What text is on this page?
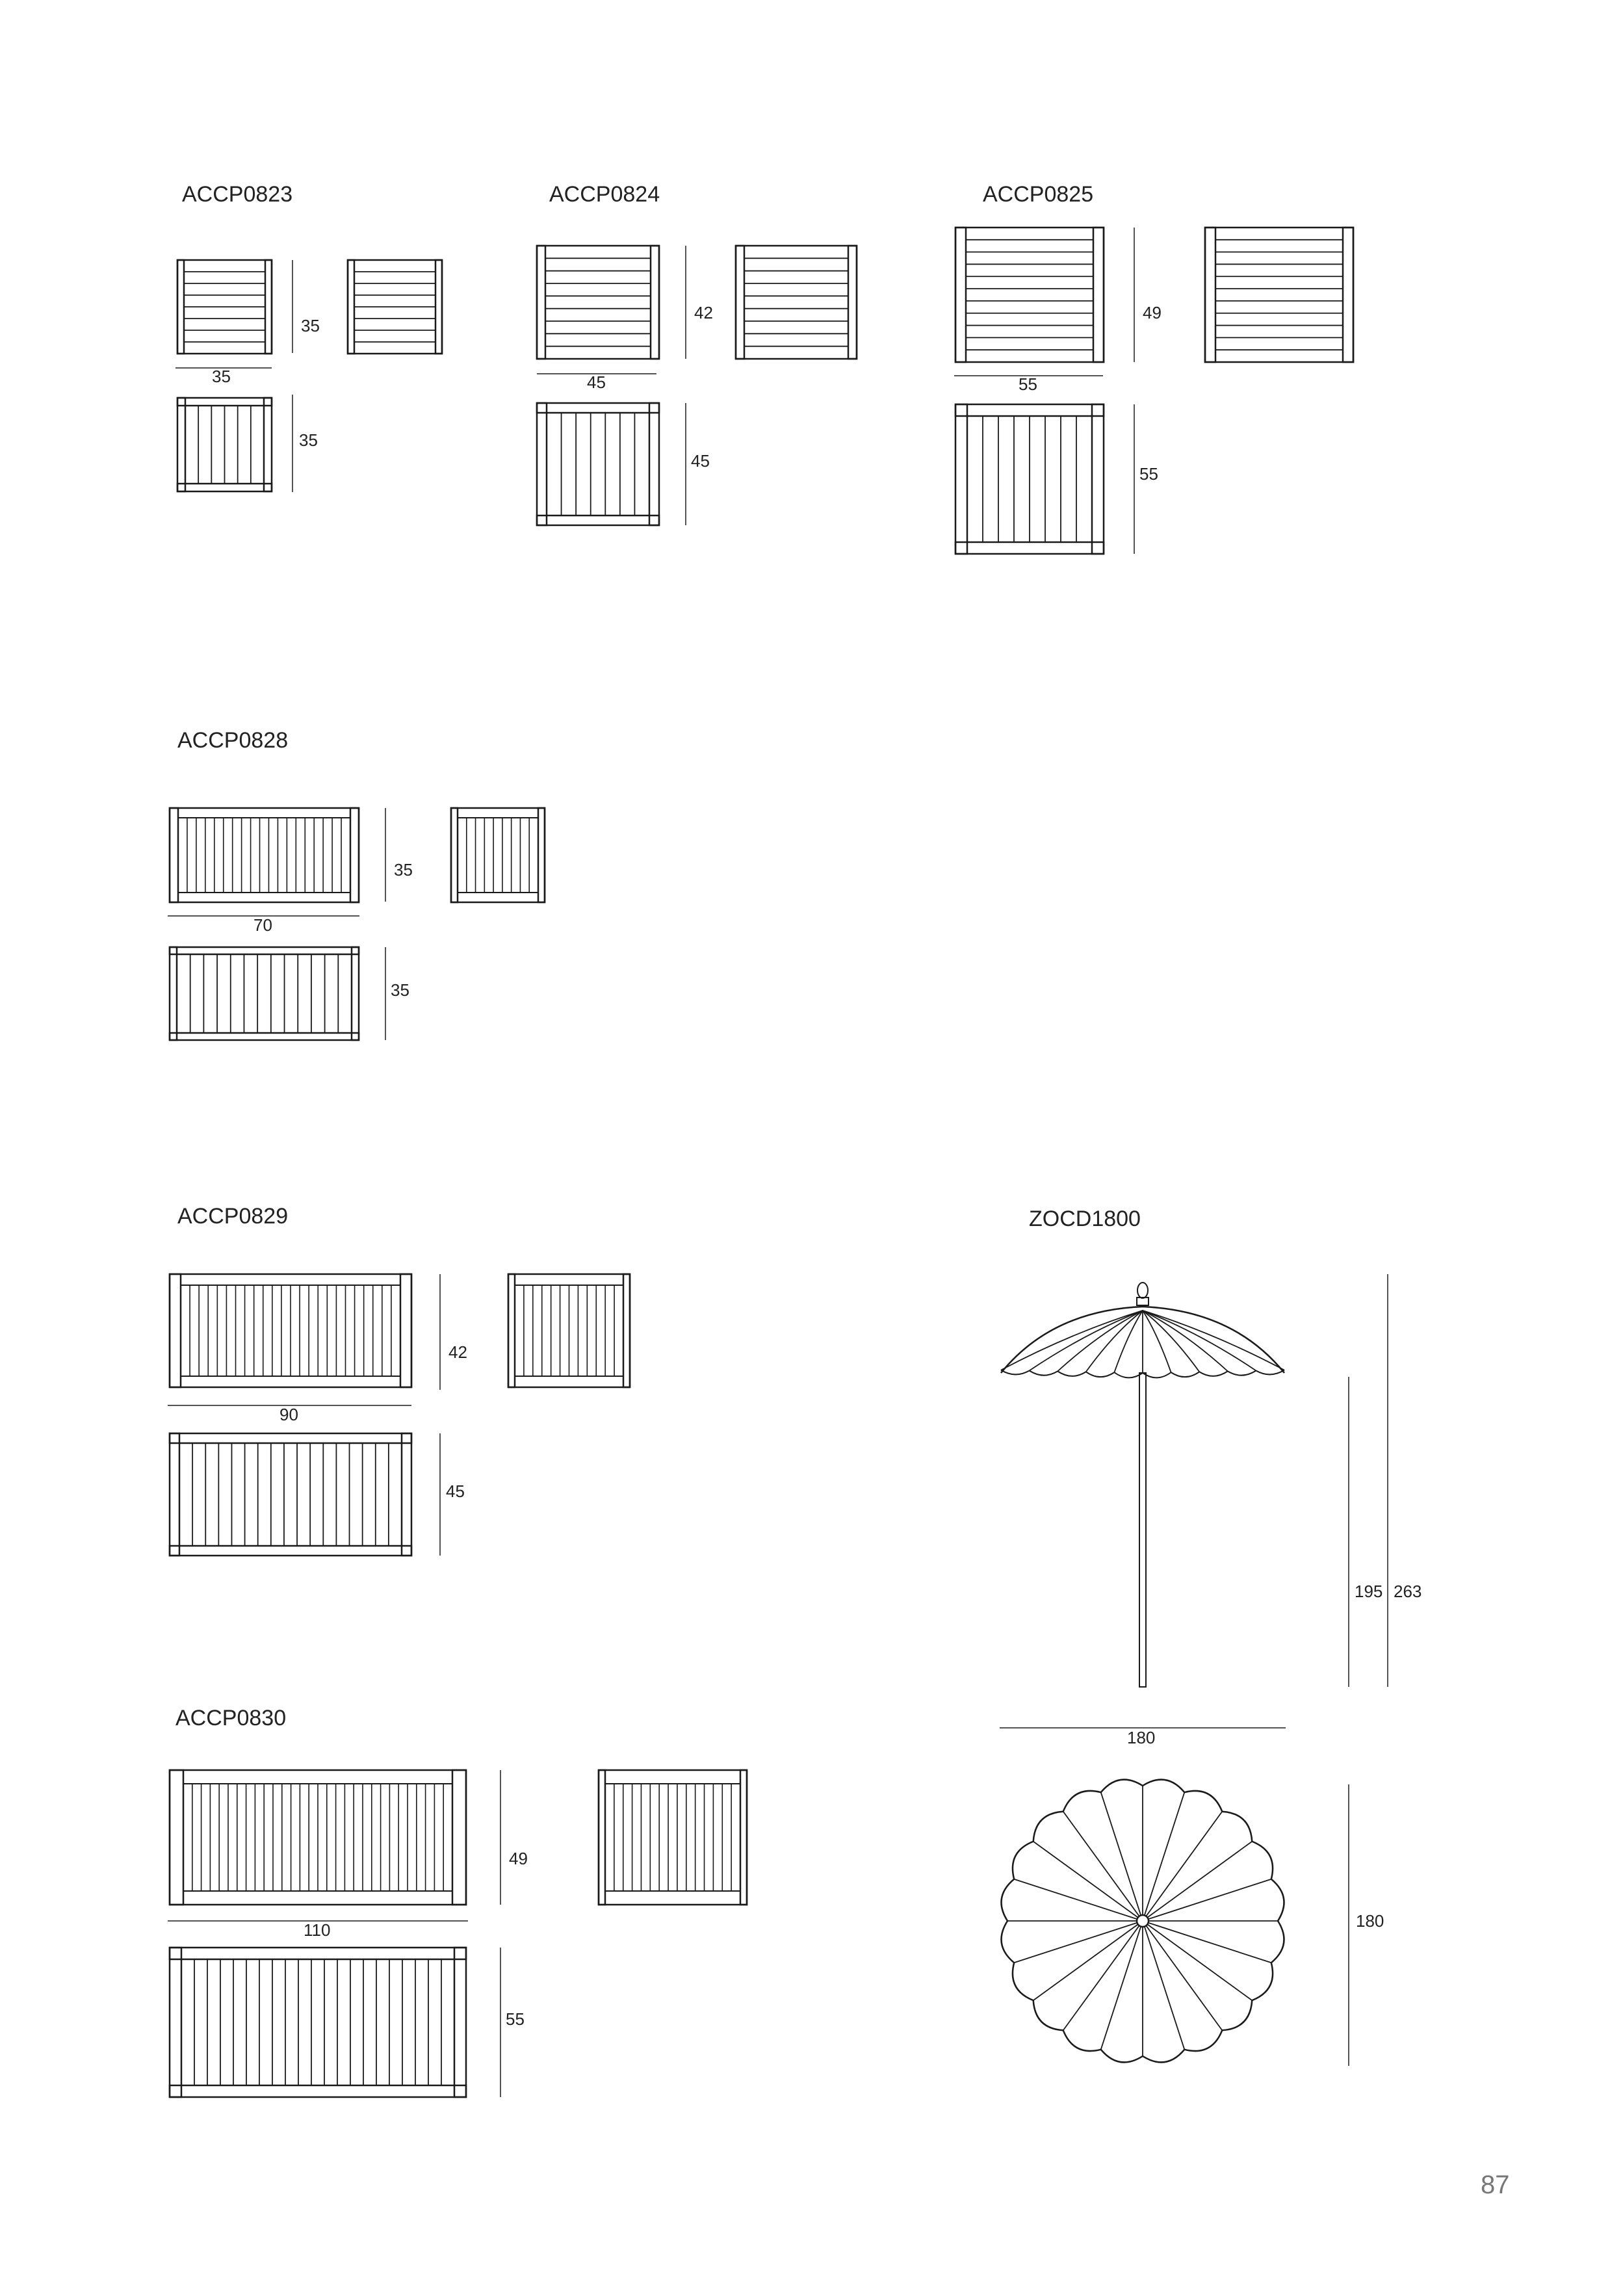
ACCP0823	ACCP0824	ACCP0825
ACCP0828
ACCP0829
ACCP0830
ZOCD1800
35
35
35
42
45
45
49
55
55
35
70
35
42
90
45
49
110
55
195 263
180
180
87
